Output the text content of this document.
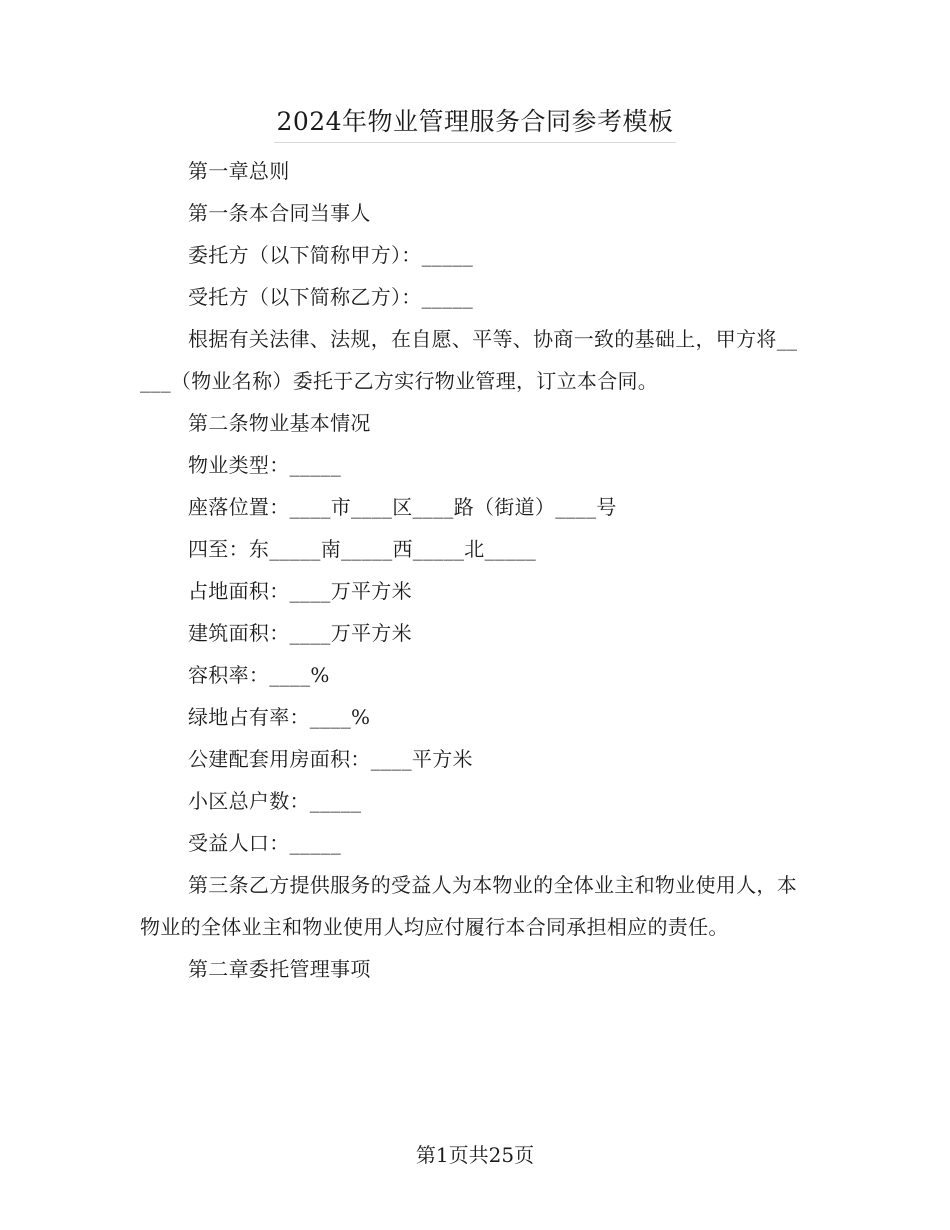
2024年物业管理服务合同参考模板

第一章总则

第一条本合同当事人

委托方（以下简称甲方）：_____

受托方（以下简称乙方）：_____

根据有关法律、法规，在自愿、平等、协商一致的基础上，甲方将_____（物业名称）委托于乙方实行物业管理，订立本合同。

第二条物业基本情况

物业类型：_____

座落位置：____市____区____路（街道）____号

四至：东_____南_____西_____北_____

占地面积：____万平方米

建筑面积：____万平方米

容积率：____%

绿地占有率：____%

公建配套用房面积：____平方米

小区总户数：_____

受益人口：_____

第三条乙方提供服务的受益人为本物业的全体业主和物业使用人，本物业的全体业主和物业使用人均应付履行本合同承担相应的责任。

第二章委托管理事项

第1页共25页
